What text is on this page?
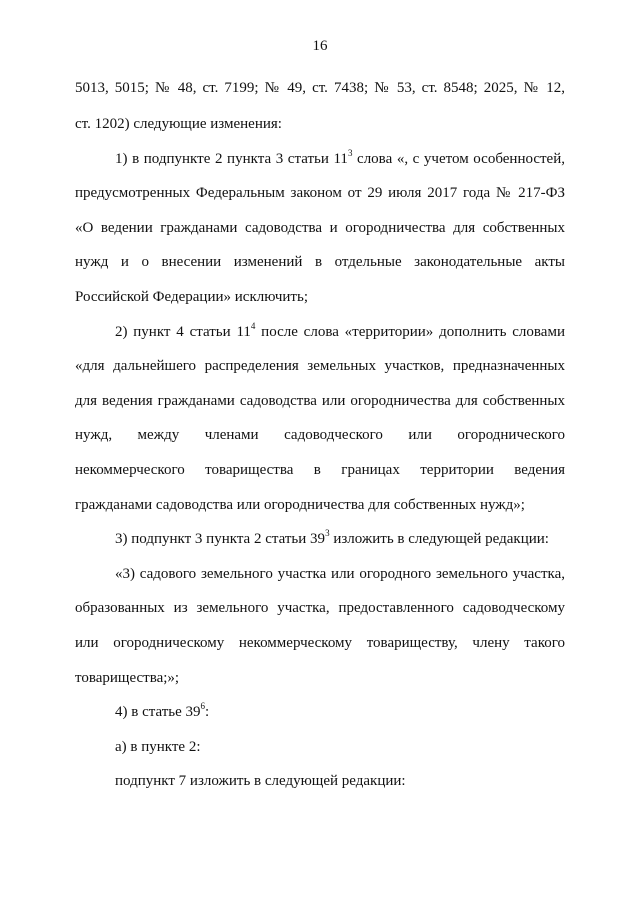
16
5013, 5015; № 48, ст. 7199; № 49, ст. 7438; № 53, ст. 8548; 2025, № 12,
ст. 1202) следующие изменения:
1) в подпункте 2 пункта 3 статьи $11^3$ слова «, с учетом особенностей,
предусмотренных Федеральным законом от 29 июля 2017 года № 217-ФЗ
«О ведении гражданами садоводства и огородничества для собственных
нужд и о внесении изменений в отдельные законодательные акты
Российской Федерации» исключить;
2) пункт 4 статьи $11^4$ после слова «территории» дополнить словами
«для дальнейшего распределения земельных участков, предназначенных
для ведения гражданами садоводства или огородничества для собственных
нужд, между членами садоводческого или огороднического
некоммерческого товарищества в границах территории ведения
гражданами садоводства или огородничества для собственных нужд»;
3) подпункт 3 пункта 2 статьи $39^3$ изложить в следующей редакции:
«3) садового земельного участка или огородного земельного участка,
образованных из земельного участка, предоставленного садоводческому
или огородническому некоммерческому товариществу, члену такого
товарищества;»;
4) в статье $39^6$:
а) в пункте 2:
подпункт 7 изложить в следующей редакции:
